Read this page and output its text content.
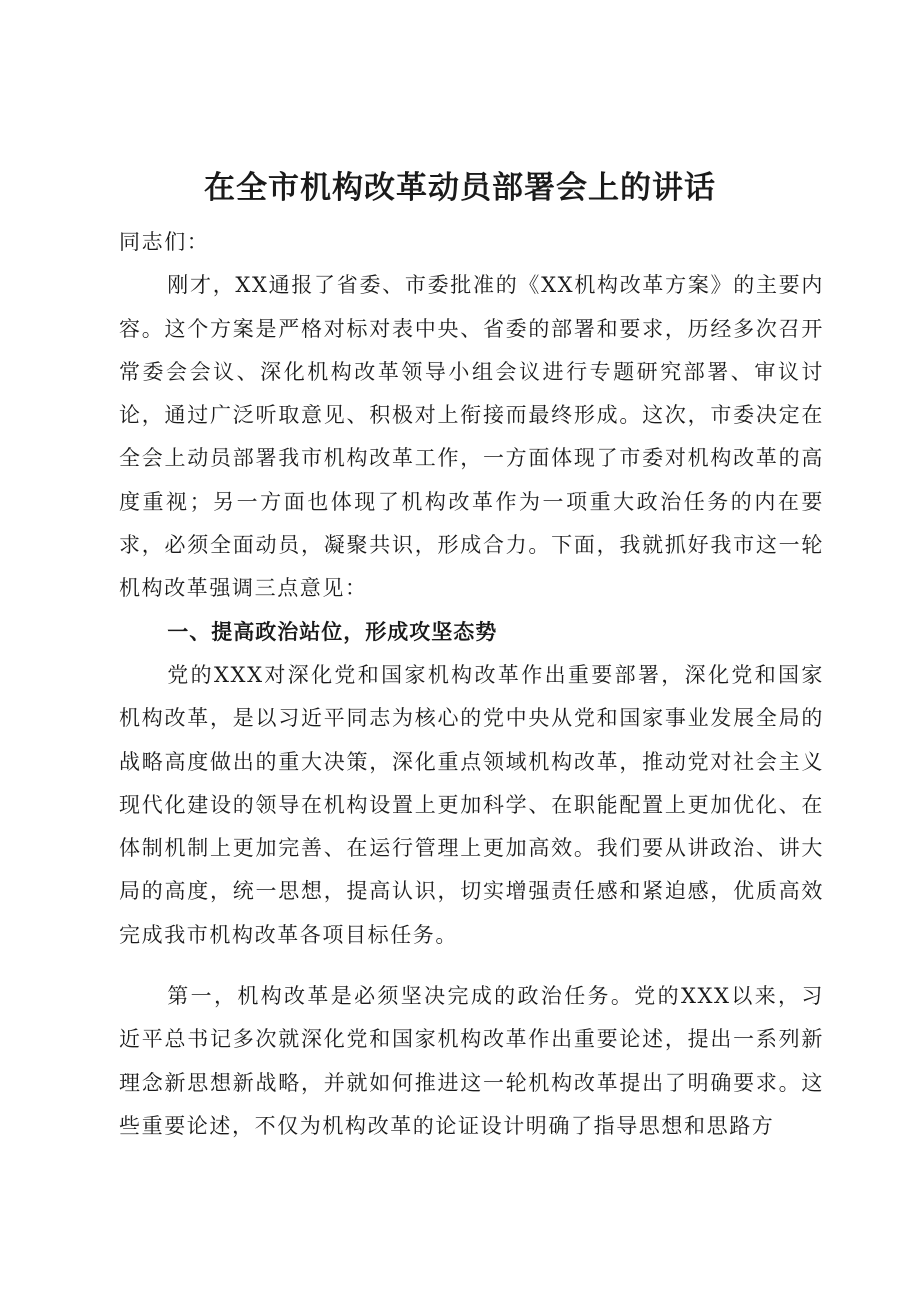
在全市机构改革动员部署会上的讲话

同志们：

刚才，XX通报了省委、市委批准的《XX机构改革方案》的主要内容。这个方案是严格对标对表中央、省委的部署和要求，历经多次召开常委会会议、深化机构改革领导小组会议进行专题研究部署、审议讨论，通过广泛听取意见、积极对上衔接而最终形成。这次，市委决定在全会上动员部署我市机构改革工作，一方面体现了市委对机构改革的高度重视；另一方面也体现了机构改革作为一项重大政治任务的内在要求，必须全面动员，凝聚共识，形成合力。下面，我就抓好我市这一轮机构改革强调三点意见：

一、提高政治站位，形成攻坚态势

党的XXX对深化党和国家机构改革作出重要部署，深化党和国家机构改革，是以习近平同志为核心的党中央从党和国家事业发展全局的战略高度做出的重大决策，深化重点领域机构改革，推动党对社会主义现代化建设的领导在机构设置上更加科学、在职能配置上更加优化、在体制机制上更加完善、在运行管理上更加高效。我们要从讲政治、讲大局的高度，统一思想，提高认识，切实增强责任感和紧迫感，优质高效完成我市机构改革各项目标任务。

第一，机构改革是必须坚决完成的政治任务。党的XXX以来，习近平总书记多次就深化党和国家机构改革作出重要论述，提出一系列新理念新思想新战略，并就如何推进这一轮机构改革提出了明确要求。这些重要论述，不仅为机构改革的论证设计明确了指导思想和思路方
